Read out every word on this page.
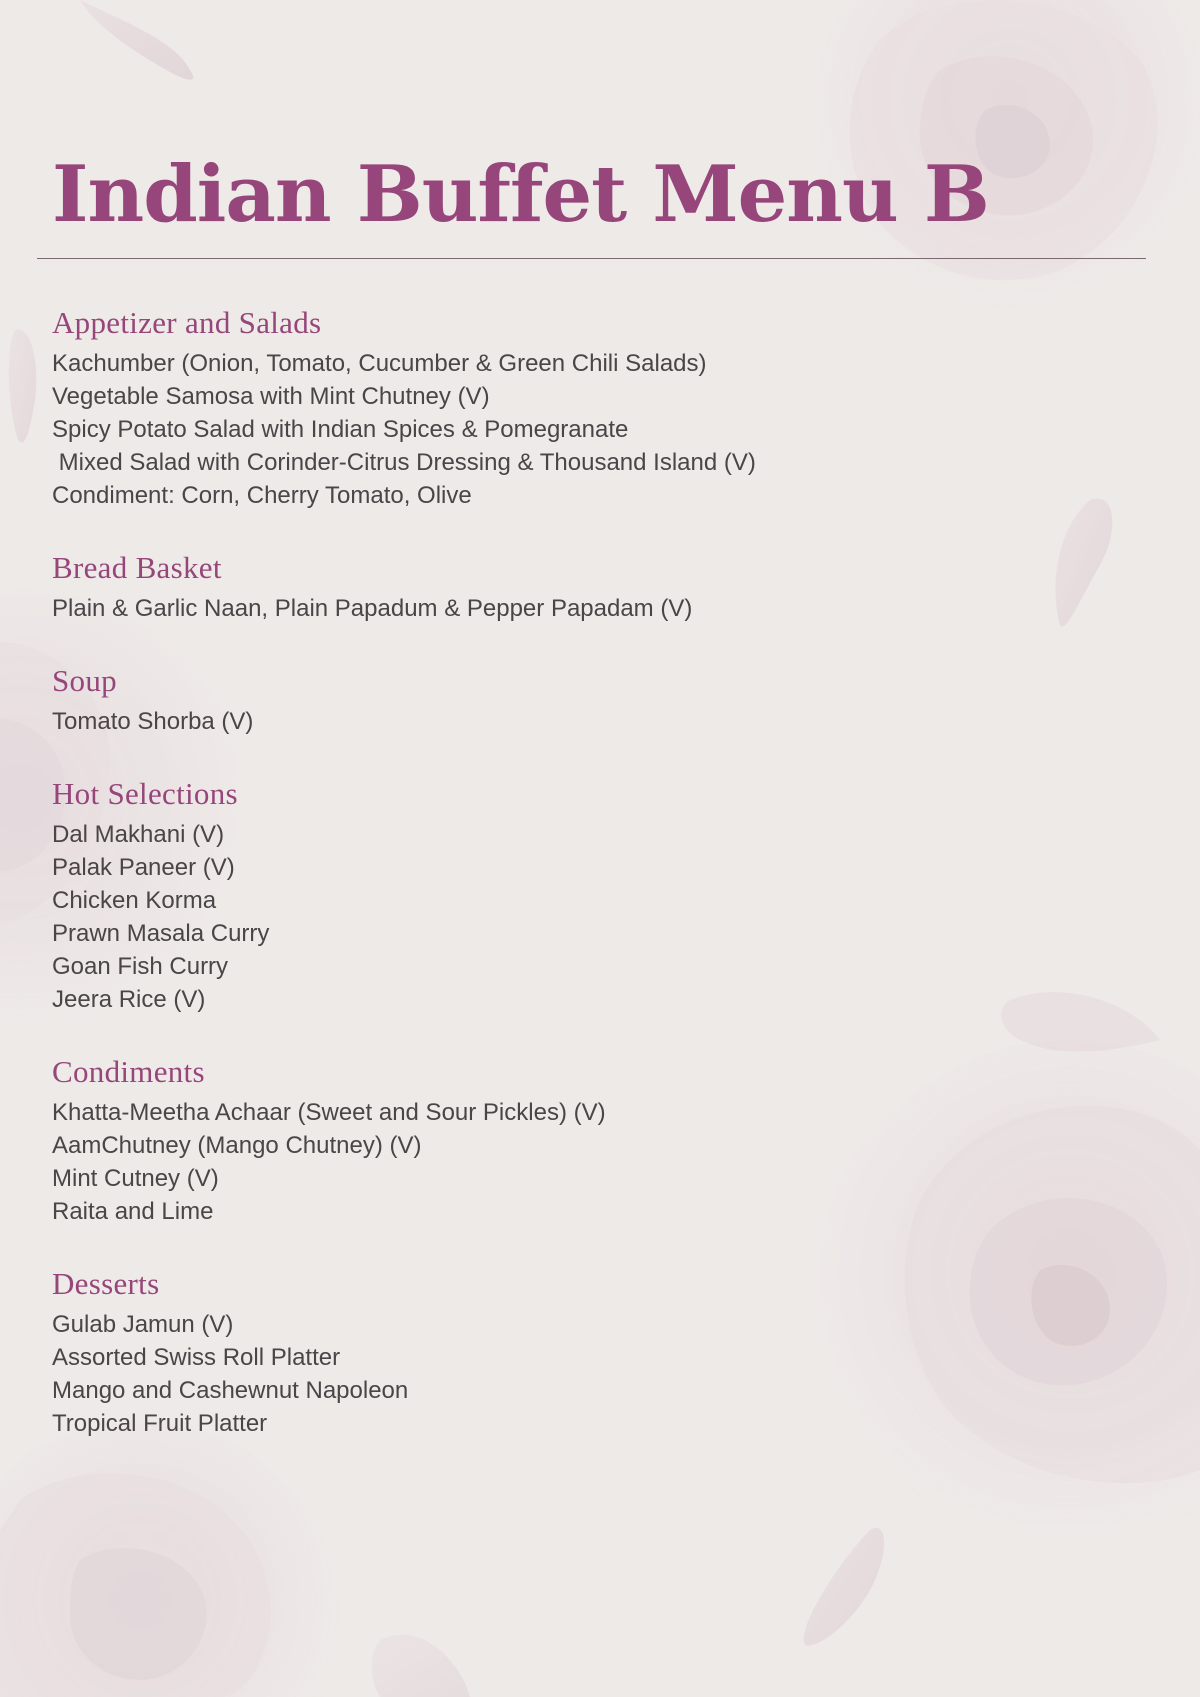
Indian Buffet Menu B
Appetizer and Salads
Kachumber (Onion, Tomato, Cucumber & Green Chili Salads)
Vegetable Samosa with Mint Chutney (V)
Spicy Potato Salad with Indian Spices & Pomegranate
Mixed Salad with Corinder-Citrus Dressing & Thousand Island (V)
Condiment: Corn, Cherry Tomato, Olive
Bread Basket
Plain & Garlic Naan, Plain Papadum & Pepper Papadam (V)
Soup
Tomato Shorba (V)
Hot Selections
Dal Makhani (V)
Palak Paneer (V)
Chicken Korma
Prawn Masala Curry
Goan Fish Curry
Jeera Rice (V)
Condiments
Khatta-Meetha Achaar (Sweet and Sour Pickles) (V)
AamChutney (Mango Chutney) (V)
Mint Cutney (V)
Raita and Lime
Desserts
Gulab Jamun (V)
Assorted Swiss Roll Platter
Mango and Cashewnut Napoleon
Tropical Fruit Platter
